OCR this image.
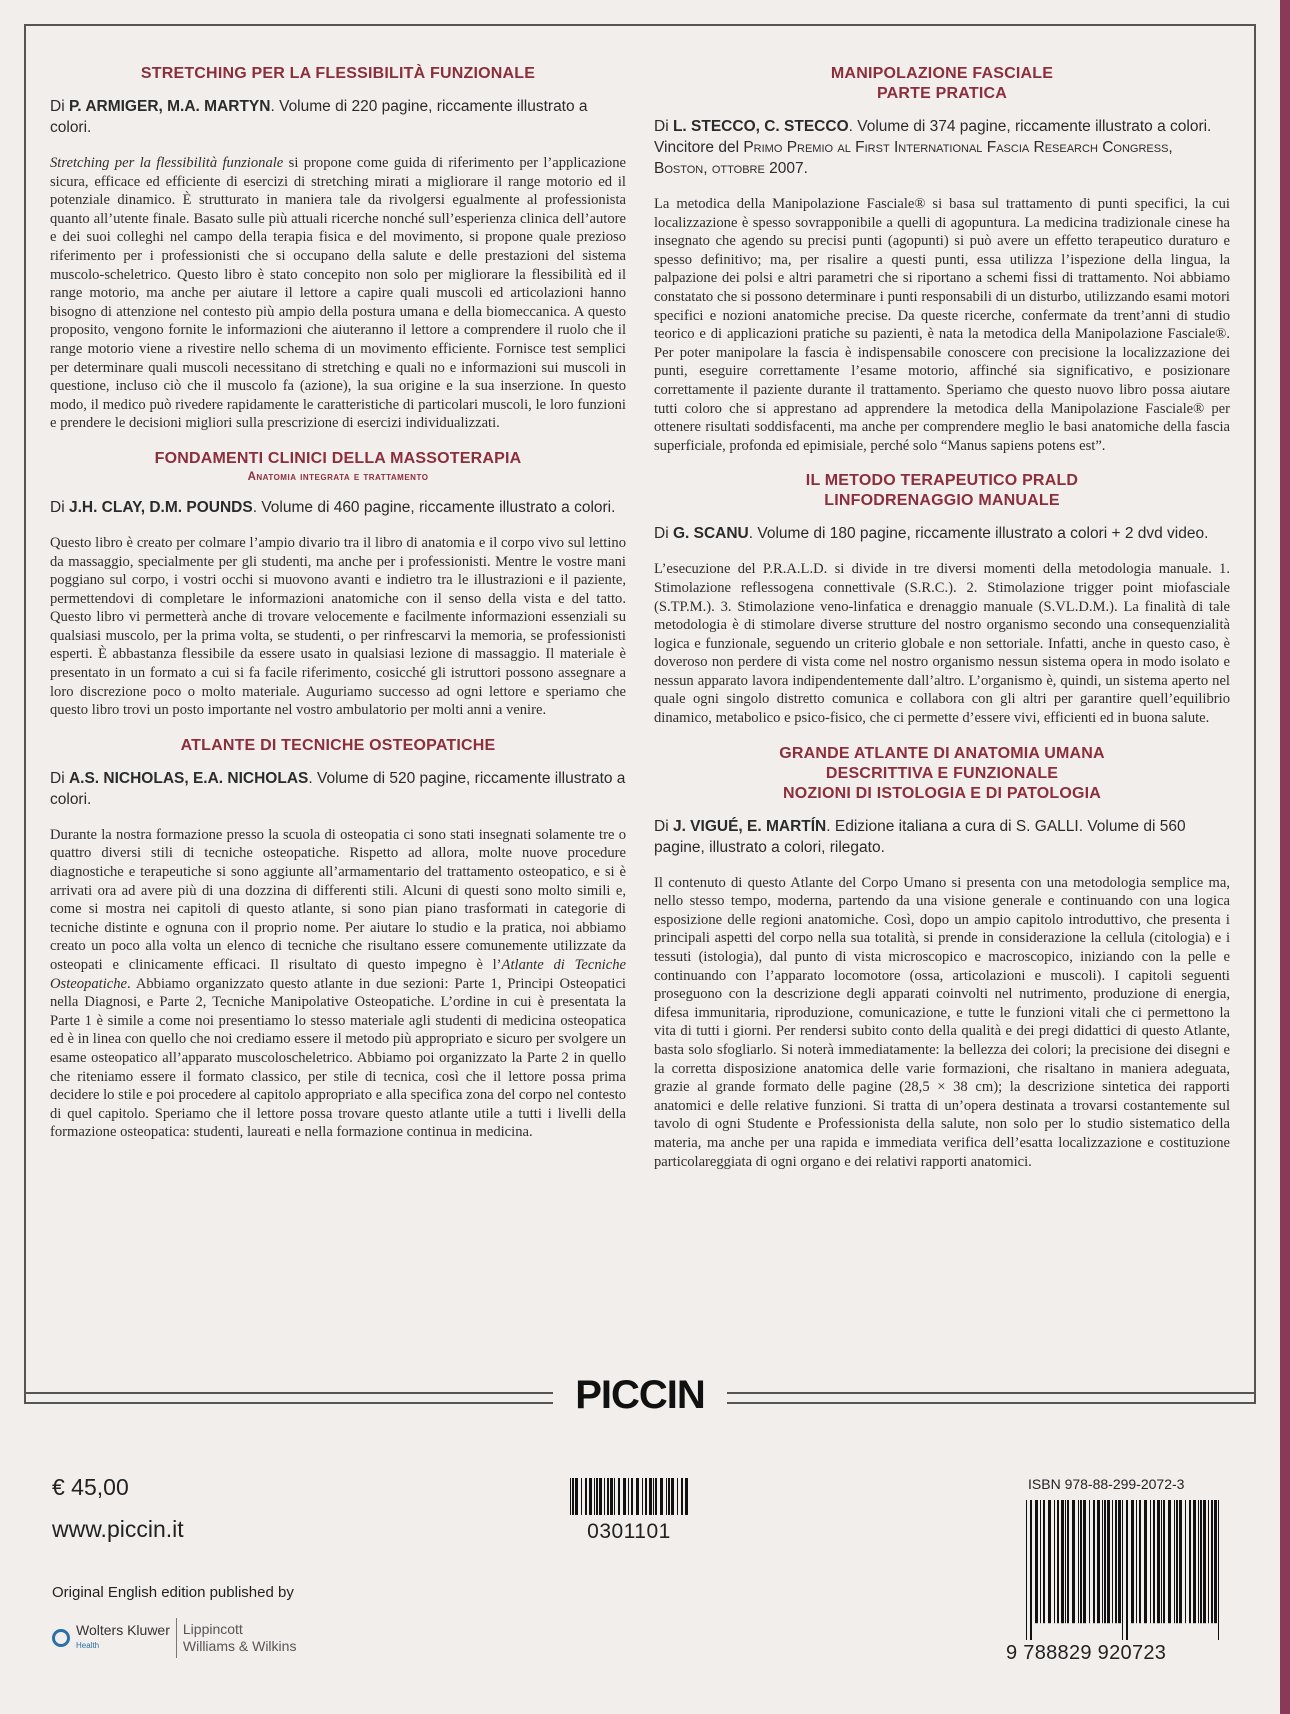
STRETCHING PER LA FLESSIBILITÀ FUNZIONALE
Di P. ARMIGER, M.A. MARTYN. Volume di 220 pagine, riccamente illustrato a colori.
Stretching per la flessibilità funzionale si propone come guida di riferimento per l’applicazione sicura, efficace ed efficiente di esercizi di stretching mirati a migliorare il range motorio ed il potenziale dinamico. È strutturato in maniera tale da rivolgersi egualmente al professionista quanto all’utente finale. Basato sulle più attuali ricerche nonché sull’esperienza clinica dell’autore e dei suoi colleghi nel campo della terapia fisica e del movimento, si propone quale prezioso riferimento per i professionisti che si occupano della salute e delle prestazioni del sistema muscolo-scheletrico. Questo libro è stato concepito non solo per migliorare la flessibilità ed il range motorio, ma anche per aiutare il lettore a capire quali muscoli ed articolazioni hanno bisogno di attenzione nel contesto più ampio della postura umana e della biomeccanica. A questo proposito, vengono fornite le informazioni che aiuteranno il lettore a comprendere il ruolo che il range motorio viene a rivestire nello schema di un movimento efficiente. Fornisce test semplici per determinare quali muscoli necessitano di stretching e quali no e informazioni sui muscoli in questione, incluso ciò che il muscolo fa (azione), la sua origine e la sua inserzione. In questo modo, il medico può rivedere rapidamente le caratteristiche di particolari muscoli, le loro funzioni e prendere le decisioni migliori sulla prescrizione di esercizi individualizzati.
FONDAMENTI CLINICI DELLA MASSOTERAPIA
Anatomia integrata e trattamento
Di J.H. CLAY, D.M. POUNDS. Volume di 460 pagine, riccamente illustrato a colori.
Questo libro è creato per colmare l’ampio divario tra il libro di anatomia e il corpo vivo sul lettino da massaggio, specialmente per gli studenti, ma anche per i professionisti. Mentre le vostre mani poggiano sul corpo, i vostri occhi si muovono avanti e indietro tra le illustrazioni e il paziente, permettendovi di completare le informazioni anatomiche con il senso della vista e del tatto. Questo libro vi permetterà anche di trovare velocemente e facilmente informazioni essenziali su qualsiasi muscolo, per la prima volta, se studenti, o per rinfrescarvi la memoria, se professionisti esperti. È abbastanza flessibile da essere usato in qualsiasi lezione di massaggio. Il materiale è presentato in un formato a cui si fa facile riferimento, cosicché gli istruttori possono assegnare a loro discrezione poco o molto materiale. Auguriamo successo ad ogni lettore e speriamo che questo libro trovi un posto importante nel vostro ambulatorio per molti anni a venire.
ATLANTE DI TECNICHE OSTEOPATICHE
Di A.S. NICHOLAS, E.A. NICHOLAS. Volume di 520 pagine, riccamente illustrato a colori.
Durante la nostra formazione presso la scuola di osteopatia ci sono stati insegnati solamente tre o quattro diversi stili di tecniche osteopatiche. Rispetto ad allora, molte nuove procedure diagnostiche e terapeutiche si sono aggiunte all’armamentario del trattamento osteopatico, e si è arrivati ora ad avere più di una dozzina di differenti stili. Alcuni di questi sono molto simili e, come si mostra nei capitoli di questo atlante, si sono pian piano trasformati in categorie di tecniche distinte e ognuna con il proprio nome. Per aiutare lo studio e la pratica, noi abbiamo creato un poco alla volta un elenco di tecniche che risultano essere comunemente utilizzate da osteopati e clinicamente efficaci. Il risultato di questo impegno è l’Atlante di Tecniche Osteopatiche. Abbiamo organizzato questo atlante in due sezioni: Parte 1, Principi Osteopatici nella Diagnosi, e Parte 2, Tecniche Manipolative Osteopatiche. L’ordine in cui è presentata la Parte 1 è simile a come noi presentiamo lo stesso materiale agli studenti di medicina osteopatica ed è in linea con quello che noi crediamo essere il metodo più appropriato e sicuro per svolgere un esame osteopatico all’apparato muscoloscheletrico. Abbiamo poi organizzato la Parte 2 in quello che riteniamo essere il formato classico, per stile di tecnica, così che il lettore possa prima decidere lo stile e poi procedere al capitolo appropriato e alla specifica zona del corpo nel contesto di quel capitolo. Speriamo che il lettore possa trovare questo atlante utile a tutti i livelli della formazione osteopatica: studenti, laureati e nella formazione continua in medicina.
MANIPOLAZIONE FASCIALE
PARTE PRATICA
Di L. STECCO, C. STECCO. Volume di 374 pagine, riccamente illustrato a colori. Vincitore del Primo Premio al First International Fascia Research Congress, Boston, ottobre 2007.
La metodica della Manipolazione Fasciale® si basa sul trattamento di punti specifici, la cui localizzazione è spesso sovrapponibile a quelli di agopuntura. La medicina tradizionale cinese ha insegnato che agendo su precisi punti (agopunti) si può avere un effetto terapeutico duraturo e spesso definitivo; ma, per risalire a questi punti, essa utilizza l’ispezione della lingua, la palpazione dei polsi e altri parametri che si riportano a schemi fissi di trattamento. Noi abbiamo constatato che si possono determinare i punti responsabili di un disturbo, utilizzando esami motori specifici e nozioni anatomiche precise. Da queste ricerche, confermate da trent’anni di studio teorico e di applicazioni pratiche su pazienti, è nata la metodica della Manipolazione Fasciale®. Per poter manipolare la fascia è indispensabile conoscere con precisione la localizzazione dei punti, eseguire correttamente l’esame motorio, affinché sia significativo, e posizionare correttamente il paziente durante il trattamento. Speriamo che questo nuovo libro possa aiutare tutti coloro che si apprestano ad apprendere la metodica della Manipolazione Fasciale® per ottenere risultati soddisfacenti, ma anche per comprendere meglio le basi anatomiche della fascia superficiale, profonda ed epimisiale, perché solo “Manus sapiens potens est”.
IL METODO TERAPEUTICO PRALD
LINFODRENAGGIO MANUALE
Di G. SCANU. Volume di 180 pagine, riccamente illustrato a colori + 2 dvd video.
L’esecuzione del P.R.A.L.D. si divide in tre diversi momenti della metodologia manuale. 1. Stimolazione reflessogena connettivale (S.R.C.). 2. Stimolazione trigger point miofasciale (S.TP.M.). 3. Stimolazione veno-linfatica e drenaggio manuale (S.VL.D.M.). La finalità di tale metodologia è di stimolare diverse strutture del nostro organismo secondo una consequenzialità logica e funzionale, seguendo un criterio globale e non settoriale. Infatti, anche in questo caso, è doveroso non perdere di vista come nel nostro organismo nessun sistema opera in modo isolato e nessun apparato lavora indipendentemente dall’altro. L’organismo è, quindi, un sistema aperto nel quale ogni singolo distretto comunica e collabora con gli altri per garantire quell’equilibrio dinamico, metabolico e psico-fisico, che ci permette d’essere vivi, efficienti ed in buona salute.
GRANDE ATLANTE DI ANATOMIA UMANA
DESCRITTIVA E FUNZIONALE
NOZIONI DI ISTOLOGIA E DI PATOLOGIA
Di J. VIGUÉ, E. MARTÍN. Edizione italiana a cura di S. GALLI. Volume di 560 pagine, illustrato a colori, rilegato.
Il contenuto di questo Atlante del Corpo Umano si presenta con una metodologia semplice ma, nello stesso tempo, moderna, partendo da una visione generale e continuando con una logica esposizione delle regioni anatomiche. Così, dopo un ampio capitolo introduttivo, che presenta i principali aspetti del corpo nella sua totalità, si prende in considerazione la cellula (citologia) e i tessuti (istologia), dal punto di vista microscopico e macroscopico, iniziando con la pelle e continuando con l’apparato locomotore (ossa, articolazioni e muscoli). I capitoli seguenti proseguono con la descrizione degli apparati coinvolti nel nutrimento, produzione di energia, difesa immunitaria, riproduzione, comunicazione, e tutte le funzioni vitali che ci permettono la vita di tutti i giorni. Per rendersi subito conto della qualità e dei pregi didattici di questo Atlante, basta solo sfogliarlo. Si noterà immediatamente: la bellezza dei colori; la precisione dei disegni e la corretta disposizione anatomica delle varie formazioni, che risaltano in maniera adeguata, grazie al grande formato delle pagine (28,5 × 38 cm); la descrizione sintetica dei rapporti anatomici e delle relative funzioni. Si tratta di un’opera destinata a trovarsi costantemente sul tavolo di ogni Studente e Professionista della salute, non solo per lo studio sistematico della materia, ma anche per una rapida e immediata verifica dell’esatta localizzazione e costituzione particolareggiata di ogni organo e dei relativi rapporti anatomici.
PICCIN
€ 45,00
www.piccin.it
Original English edition published by
Wolters Kluwer
Health
Lippincott
Williams & Wilkins
0301101
ISBN 978-88-299-2072-3
9 788829 920723
